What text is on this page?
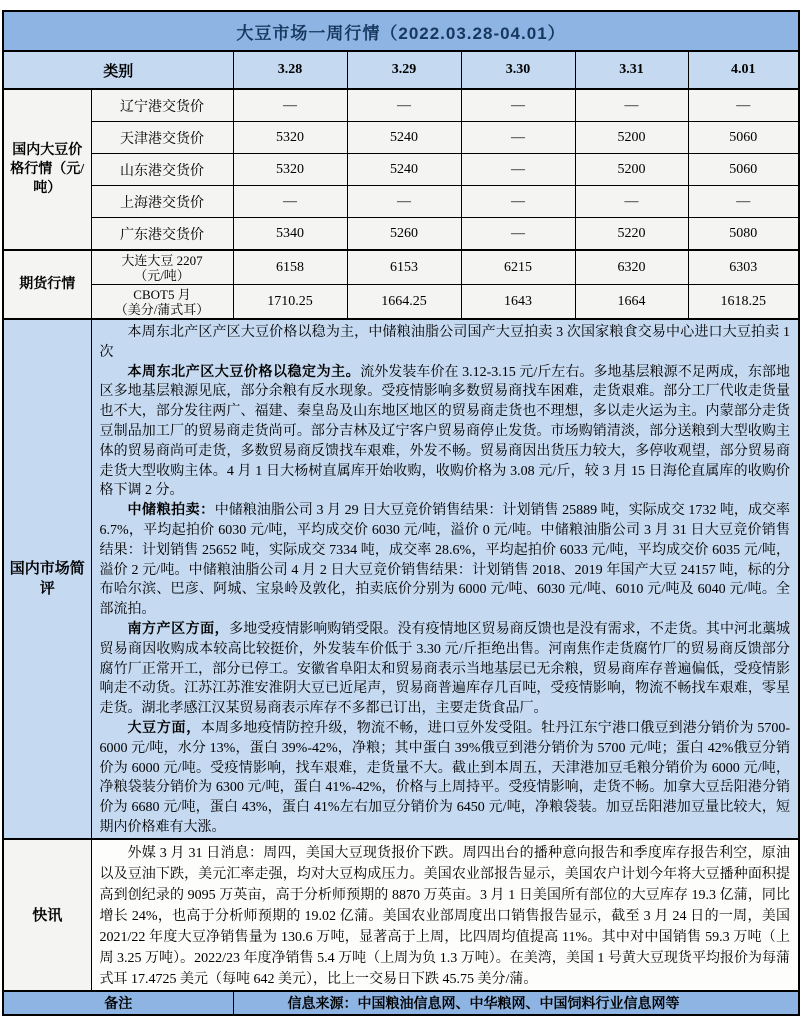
大豆市场一周行情（2022.03.28-04.01）						
类别		3.28	3.29	3.30	3.31	4.01
国内大豆价格行情（元/吨）	辽宁港交货价	—	—	—	—	—
	天津港交货价	5320	5240	—	5200	5060
	山东港交货价	5320	5240	—	5200	5060
	上海港交货价	—	—	—	—	—
	广东港交货价	5340	5260	—	5220	5080
期货行情	大连大豆 2207
（元/吨）	6158	6153	6215	6320	6303

	CBOT5 月
（美分/蒲式耳）	1710.25	1664.25	1643	1664	1618.25
国内市场简评	本周东北产区产区大豆价格以稳为主，中储粮油脂公司国产大豆拍卖 3 次国家粮食交易中心进口大豆拍卖 1 次

本周东北产区大豆价格以稳定为主。流外发装车价在 3.12-3.15 元/斤左右。多地基层粮源不足两成，东部地区多地基层粮源见底，部分余粮有反水现象。受疫情影响多数贸易商找车困难，走货艰难。部分工厂代收走货量也不大，部分发往两广、福建、秦皇岛及山东地区地区的贸易商走货也不理想，多以走火运为主。内蒙部分走货豆制品加工厂的贸易商走货尚可。部分吉林及辽宁客户贸易商停止发货。市场购销清淡，部分送粮到大型收购主体的贸易商尚可走货，多数贸易商反馈找车艰难，外发不畅。贸易商因出货压力较大，多停收观望，部分贸易商走货大型收购主体。4 月 1 日大杨树直属库开始收购，收购价格为 3.08 元/斤，较 3 月 15 日海伦直属库的收购价格下调 2 分。

中储粮拍卖：中储粮油脂公司 3 月 29 日大豆竞价销售结果：计划销售 25889 吨，实际成交 1732 吨，成交率 6.7%，平均起拍价 6030 元/吨，平均成交价 6030 元/吨，溢价 0 元/吨。中储粮油脂公司 3 月 31 日大豆竞价销售结果：计划销售 25652 吨，实际成交 7334 吨，成交率 28.6%，平均起拍价 6033 元/吨，平均成交价 6035 元/吨，溢价 2 元/吨。中储粮油脂公司 4 月 2 日大豆竞价销售结果：计划销售 2018、2019 年国产大豆 24157 吨，标的分布哈尔滨、巴彦、阿城、宝泉岭及敦化，拍卖底价分别为 6000 元/吨、6030 元/吨、6010 元/吨及 6040 元/吨。全部流拍。

南方产区方面，多地受疫情影响购销受限。没有疫情地区贸易商反馈也是没有需求，不走货。其中河北藁城贸易商因收购成本较高比较挺价，外发装车价低于 3.30 元/斤拒绝出售。河南焦作走货腐竹厂的贸易商反馈部分腐竹厂正常开工，部分已停工。安徽省阜阳太和贸易商表示当地基层已无余粮，贸易商库存普遍偏低，受疫情影响走不动货。江苏江苏淮安淮阴大豆已近尾声，贸易商普遍库存几百吨，受疫情影响，物流不畅找车艰难，零星走货。湖北孝感江汉某贸易商表示库存不多都已订出，主要走货食品厂。

大豆方面，本周多地疫情防控升级，物流不畅，进口豆外发受阻。牡丹江东宁港口俄豆到港分销价为 5700-6000 元/吨，水分 13%，蛋白 39%-42%，净粮；其中蛋白 39%俄豆到港分销价为 5700 元/吨；蛋白 42%俄豆分销价为 6000 元/吨。受疫情影响，找车艰难，走货量不大。截止到本周五，天津港加豆毛粮分销价为 6000 元/吨，净粮袋装分销价为 6300 元/吨，蛋白 41%-42%，价格与上周持平。受疫情影响，走货不畅。加拿大豆岳阳港分销价为 6680 元/吨，蛋白 43%，蛋白 41%左右加豆分销价为 6450 元/吨，净粮袋装。加豆岳阳港加豆量比较大，短期内价格难有大涨。					

快讯	外媒 3 月 31 日消息：周四，美国大豆现货报价下跌。周四出台的播种意向报告和季度库存报告利空，原油以及豆油下跌，美元汇率走强，均对大豆构成压力。美国农业部报告显示，美国农户计划今年将大豆播种面积提高到创纪录的 9095 万英亩，高于分析师预期的 8870 万英亩。3 月 1 日美国所有部位的大豆库存 19.3 亿蒲，同比增长 24%，也高于分析师预期的 19.02 亿蒲。美国农业部周度出口销售报告显示，截至 3 月 24 日的一周，美国 2021/22 年度大豆净销售量为 130.6 万吨，显著高于上周，比四周均值提高 11%。其中对中国销售 59.3 万吨（上周 3.25 万吨）。2022/23 年度净销售 5.4 万吨（上周为负 1.3 万吨）。在美湾，美国 1 号黄大豆现货平均报价为每蒲式耳 17.4725 美元（每吨 642 美元），比上一交易日下跌 45.75 美分/蒲。					

备注		信息来源：中国粮油信息网、中华粮网、中国饲料行业信息网等				
